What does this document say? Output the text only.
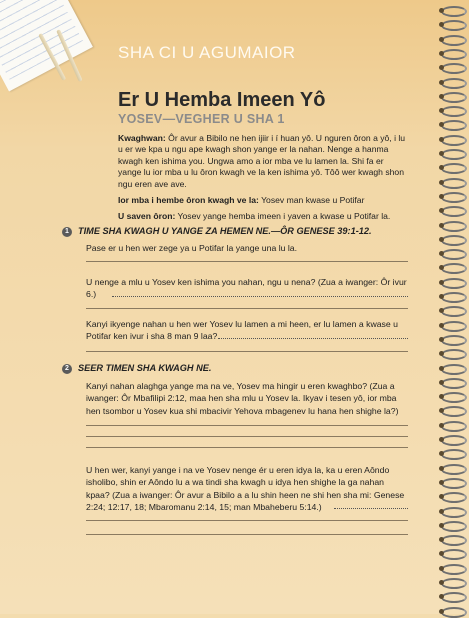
SHA CI U AGUMAIOR
Er U Hemba Imeen Yô
YOSEV—VEGHER U SHA 1

Kwaghwan: Ôr avur a Bibilo ne hen ijiir i í huan yô. U nguren ôron a yô, i lu u er we kpa u ngu ape kwagh shon yange er la nahan. Nenge a hanma kwagh ken ishima you. Ungwa amo a ior mba ve lu lamen la. Shi fa er yange lu ior mba u lu ôron kwagh ve la ken ishima yô. Tôô wer kwagh shon ngu eren ave ave.

Ior mba i hembe ôron kwagh ve la: Yosev man kwase u Potifar

U saven ôron: Yosev yange hemba imeen i yaven a kwase u Potifar la.

1 TIME SHA KWAGH U YANGE ZA HEMEN NE.—ÔR GENESE 39:1-12.
Pase er u hen wer zege ya u Potifar la yange una lu la.
U nenge a mlu u Yosev ken ishima you nahan, ngu u nena? (Zua a iwanger: Ôr ivur 6.)
Kanyi ikyenge nahan u hen wer Yosev lu lamen a mi heen, er lu lamen a kwase u Potifar ken ivur i sha 8 man 9 laa?
2 SEER TIMEN SHA KWAGH NE.
Kanyi nahan alaghga yange ma na ve, Yosev ma hingir u eren kwaghbo? (Zua a iwanger: Ôr Mbafilipi 2:12, maa hen sha mlu u Yosev la. Ikyav i tesen yô, ior mba hen tsombor u Yosev kua shi mbacivir Yehova mbagenev lu hana hen shighe la?)
U hen wer, kanyi yange i na ve Yosev nenge ér u eren idya la, ka u eren Aôndo isholibo, shin er Aôndo lu a wa tindi sha kwagh u idya hen shighe la ga nahan kpaa? (Zua a iwanger: Ôr avur a Bibilo a a lu shin heen ne shi hen sha mi: Genese 2:24; 12:17, 18; Mbaromanu 2:14, 15; man Mbaheberu 5:14.)
